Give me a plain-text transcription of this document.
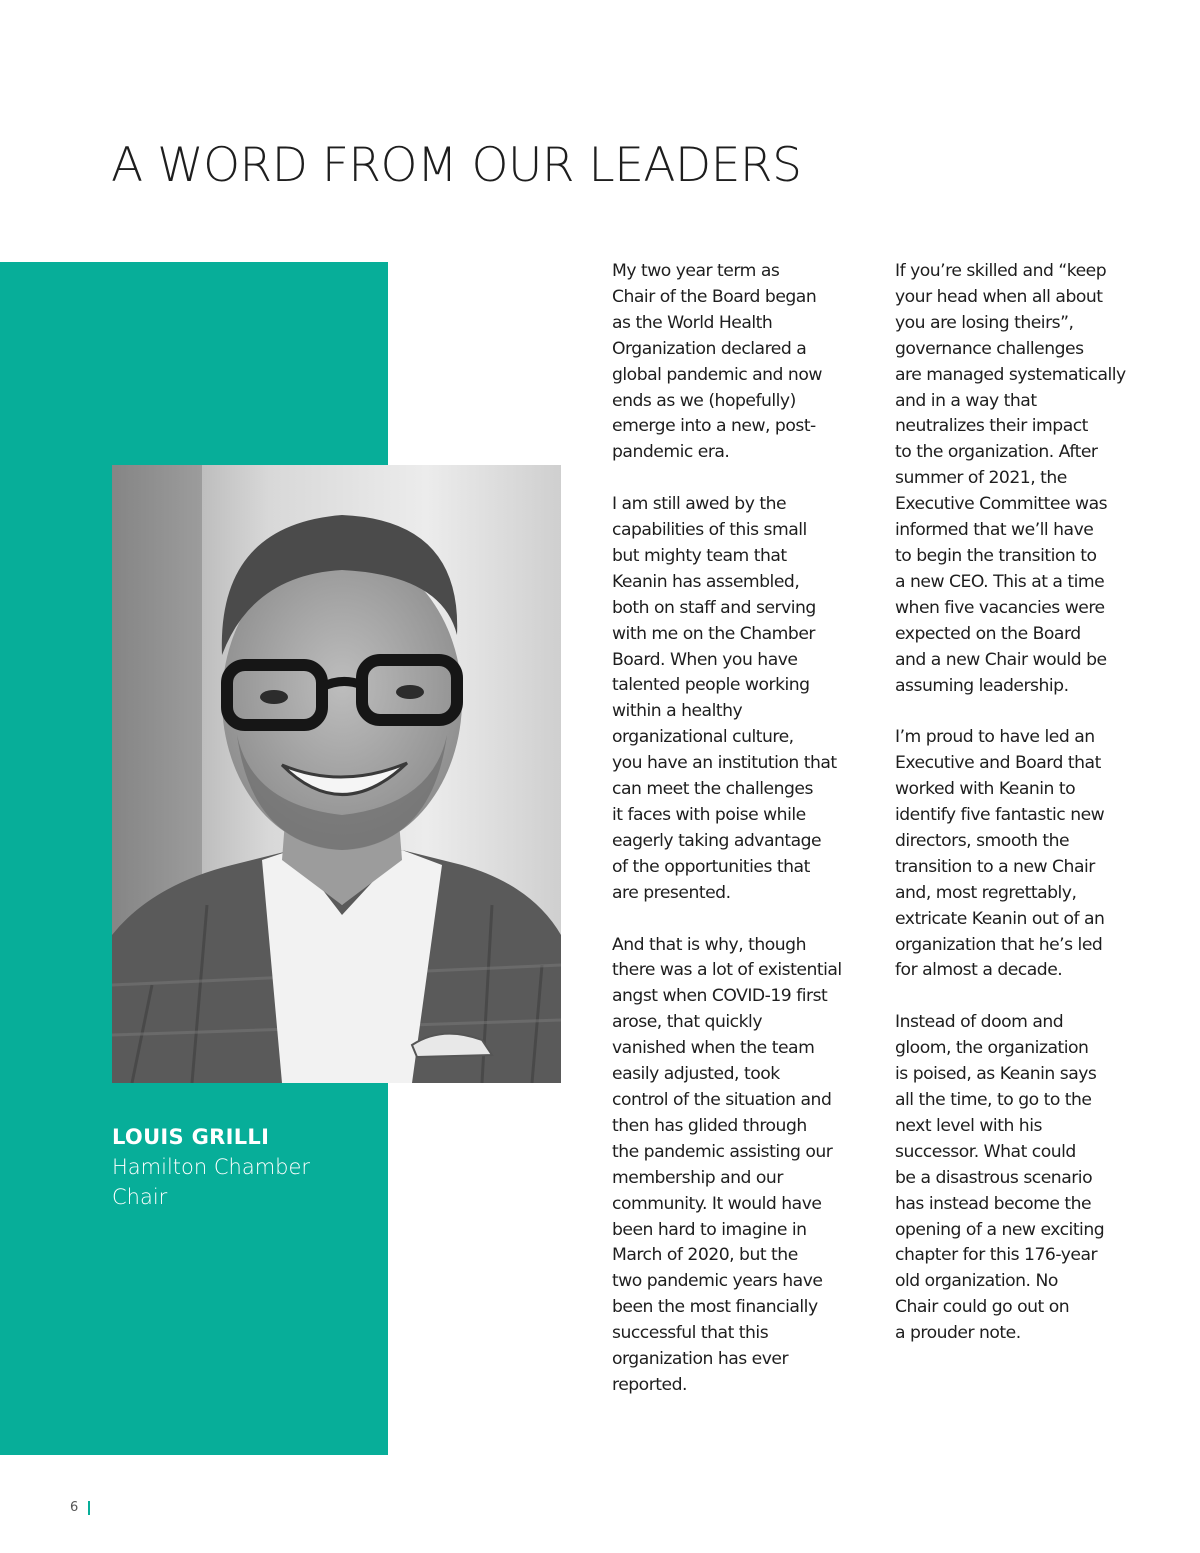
A WORD FROM OUR LEADERS
LOUIS GRILLI
Hamilton Chamber
Chair

My two year term as
Chair of the Board began
as the World Health
Organization declared a
global pandemic and now
ends as we (hopefully)
emerge into a new, post-
pandemic era.

I am still awed by the
capabilities of this small
but mighty team that
Keanin has assembled,
both on staff and serving
with me on the Chamber
Board. When you have
talented people working
within a healthy
organizational culture,
you have an institution that
can meet the challenges
it faces with poise while
eagerly taking advantage
of the opportunities that
are presented.

And that is why, though
there was a lot of existential
angst when COVID-19 first
arose, that quickly
vanished when the team
easily adjusted, took
control of the situation and
then has glided through
the pandemic assisting our
membership and our
community. It would have
been hard to imagine in
March of 2020, but the
two pandemic years have
been the most financially
successful that this
organization has ever
reported.

If you’re skilled and “keep
your head when all about
you are losing theirs”,
governance challenges
are managed systematically
and in a way that
neutralizes their impact
to the organization. After
summer of 2021, the
Executive Committee was
informed that we’ll have
to begin the transition to
a new CEO. This at a time
when five vacancies were
expected on the Board
and a new Chair would be
assuming leadership.

I’m proud to have led an
Executive and Board that
worked with Keanin to
identify five fantastic new
directors, smooth the
transition to a new Chair
and, most regrettably,
extricate Keanin out of an
organization that he’s led
for almost a decade.

Instead of doom and
gloom, the organization
is poised, as Keanin says
all the time, to go to the
next level with his
successor. What could
be a disastrous scenario
has instead become the
opening of a new exciting
chapter for this 176-year
old organization. No
Chair could go out on
a prouder note.

6
